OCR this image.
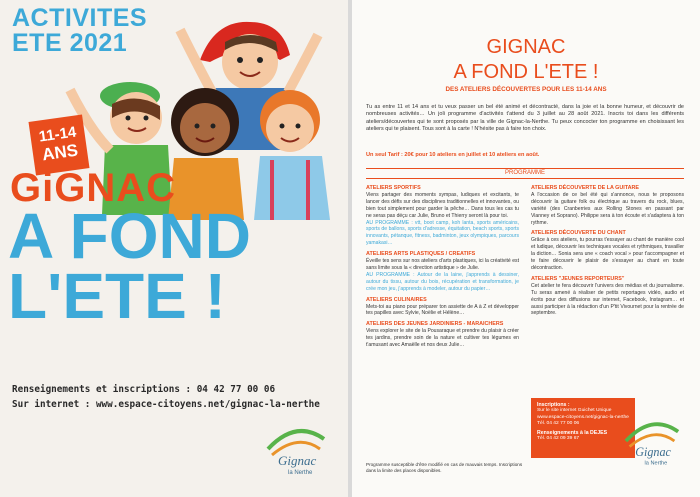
ACTIVITES
ETE 2021
11-14
ANS
GiGNAC
A FOND
L'ETE !
Renseignements et inscriptions : 04 42 77 00 06
Sur internet : www.espace-citoyens.net/gignac-la-nerthe
Gignac
la Nerthe
GIGNAC
A FOND L'ETE !
DES ATELIERS DÉCOUVERTES POUR LES 11-14 ANS
Tu as entre 11 et 14 ans et tu veux passer un bel été animé et décontracté, dans la joie et la bonne humeur, et découvrir de nombreuses activités… Un joli programme d'activités t'attend du 3 juillet au 28 août 2021. Inscris toi dans les différents ateliers/découvertes qui te sont proposés par la ville de Gignac-la-Nerthe. Tu peux concocter ton programme en choisissant les ateliers qui te plaisent. Tous sont à la carte ! N'hésite pas à faire ton choix.
Un seul Tarif : 20€ pour 10 ateliers en juillet et 10 ateliers en août.
PROGRAMME
ATELIERS SPORTIFS
Viens partager des moments sympas, ludiques et excitants, te lancer des défis sur des disciplines traditionnelles et innovantes, ou bien tout simplement pour garder la pêche… Dans tous les cas tu ne seras pas déçu car Julie, Bruno et Thierry seront là pour toi.
AU PROGRAMME : vtt, boot camp, koh lanta, sports américains, sports de ballons, sports d'adresse, équitation, beach sports, sports innovants, pétanque, fitness, badminton, jeux olympiques, parcours yamakasi…
ATELIERS ARTS PLASTIQUES / CREATIFS
Éveille tes sens sur nos ateliers d'arts plastiques, ici la créativité est sans limite sous la « direction artistique » de Julie.
AU PROGRAMME : Autour de la laine, j'apprends à dessiner, autour du tissu, autour du bois, récupération et transformation, je crée mon jeu, j'apprends à modeler, autour du papier…
ATELIERS CULINAIRES
Mets-toi au piano pour préparer ton assiette de A à Z et développer tes papilles avec Sylvie, Noëlie et Hélène…
ATELIERS DES JEUNES JARDINIERS - MARAICHERS
Viens explorer le site de la Pousaraque et prendre du plaisir à créer tes jardins, prendre soin de la nature et cultiver tes légumes en t'amusant avec Amaëlle et nos deux Julie…
ATELIERS DÉCOUVERTE DE LA GUITARE
A l'occasion de ce bel été qui s'annonce, nous te proposons découvrir la guitare folk ou électrique au travers du rock, blues, variété (des Cranberries aux Rolling Stones en passant par Vianney et Soprano). Philippe sera à ton écoute et s'adaptera à ton rythme.
ATELIERS DÉCOUVERTE DU CHANT
Grâce à ces ateliers, tu pourras t'essayer au chant de manière cool et ludique, découvrir les techniques vocales et rythmiques, travailler la diction… Sonia sera une « coach vocal » pour t'accompagner et te faire découvrir le plaisir de s'essayer au chant en toute décontraction.
ATELIERS "JEUNES REPORTEURS"
Cet atelier te fera découvrir l'univers des médias et du journalisme. Tu seras amené à réaliser de petits reportages vidéo, audio et écrits pour des diffusions sur internet, Facebook, Instagram… et aussi participer à la rédaction d'un P'tit Vivournet pour la rentrée de septembre.
Inscriptions :
Sur le site internet Guichet Unique
www.espace-citoyens.net/gignac-la-nerthe
Tél. 04 42 77 00 06
Renseignements à la DEJES
Tél. 04 42 09 39 67
Gignac
la Nerthe
Programme susceptible d'être modifié en cas de mauvais temps. Inscriptions dans la limite des places disponibles.
